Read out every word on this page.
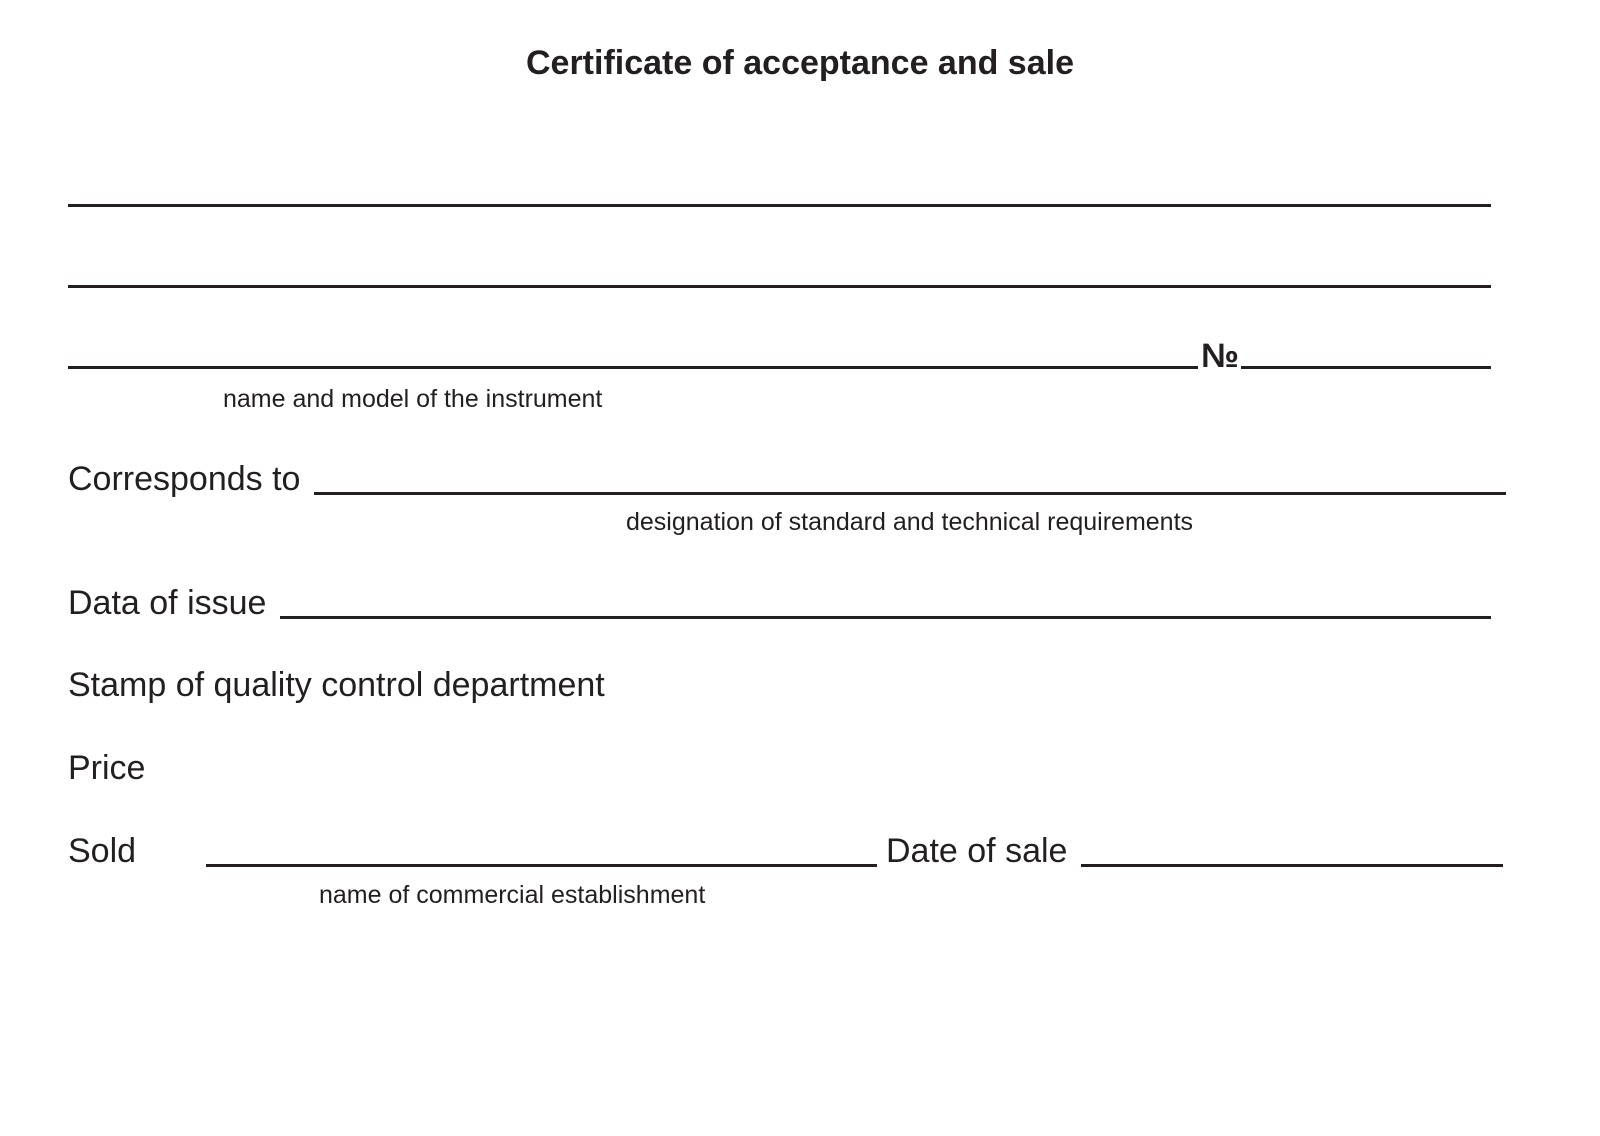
Certificate of acceptance and sale
№
name and model of the instrument
Corresponds to
designation of standard and technical requirements
Data of issue
Stamp of quality control department
Price
Sold	Date of sale
name of commercial establishment
